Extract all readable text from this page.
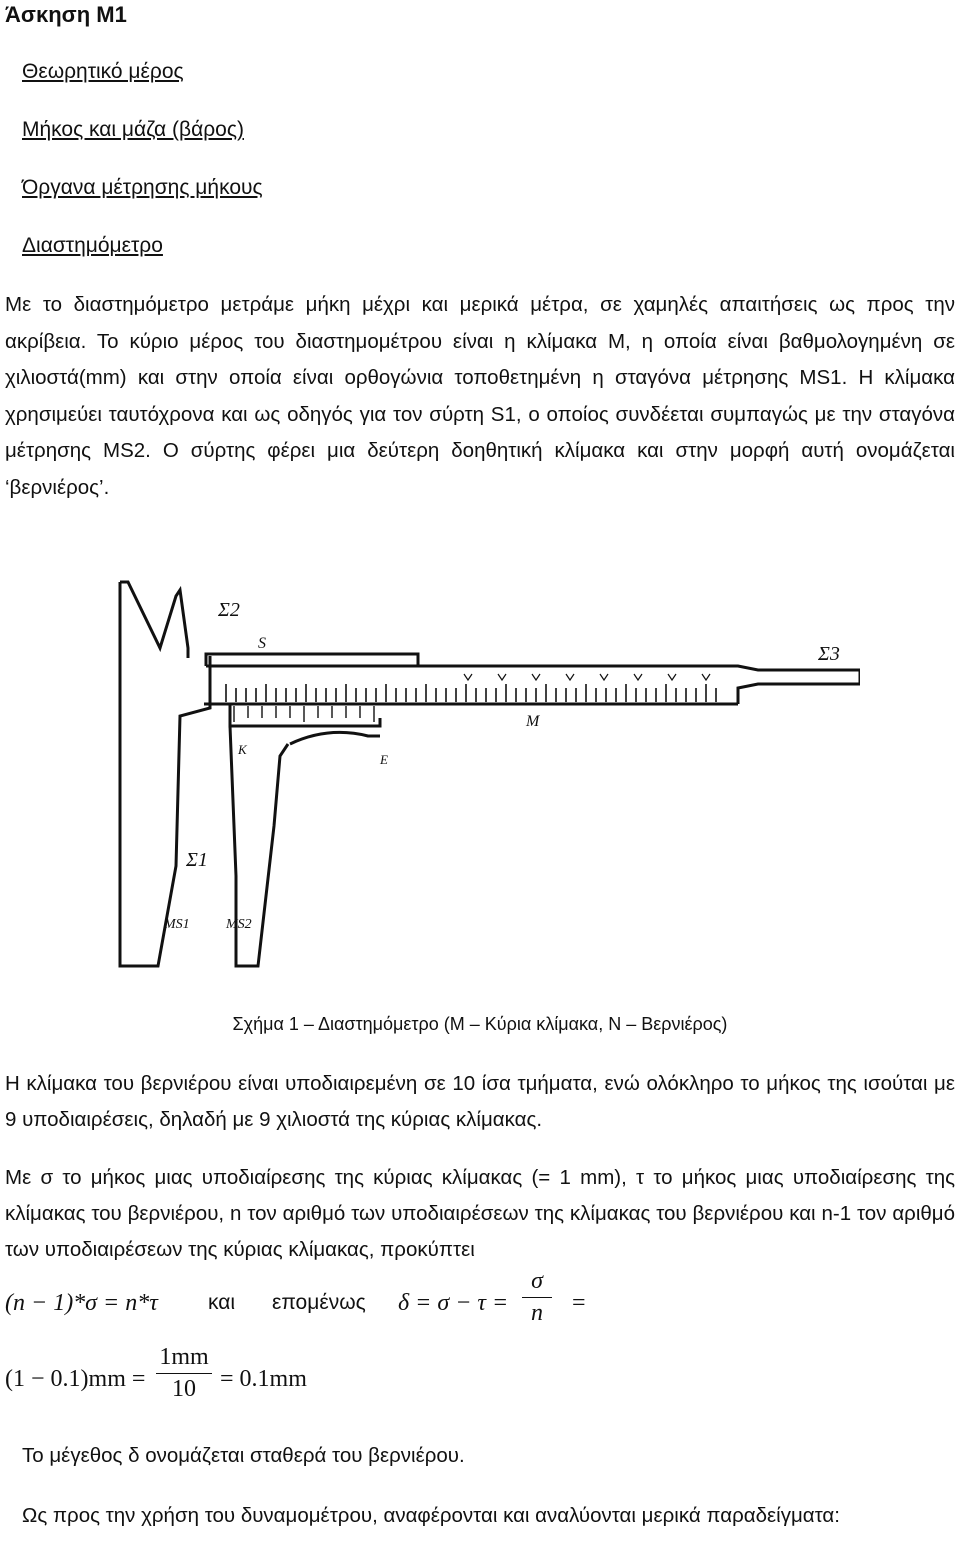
Άσκηση Μ1
Θεωρητικό μέρος
Μήκος και μάζα (βάρος)
Όργανα μέτρησης μήκους
Διαστημόμετρο
Με το διαστημόμετρο μετράμε μήκη μέχρι και μερικά μέτρα, σε χαμηλές απαιτήσεις ως προς την ακρίβεια. Το κύριο μέρος του διαστημομέτρου είναι η κλίμακα Μ, η οποία είναι βαθμολογημένη σε χιλιοστά(mm) και στην οποία είναι ορθογώνια τοποθετημένη η σταγόνα μέτρησης MS1. Η κλίμακα χρησιμεύει ταυτόχρονα και ως οδηγός για τον σύρτη S1, ο οποίος συνδέεται συμπαγώς με την σταγόνα μέτρησης MS2. Ο σύρτης φέρει μια δεύτερη δοηθητική κλίμακα και στην μορφή αυτή ονομάζεται ‘βερνιέρος’.
Σ2
S	Σ3
M
K
E
Σ1
MS1	MS2
Σχήμα 1 – Διαστημόμετρο (Μ – Κύρια κλίμακα, Ν – Βερνιέρος)
Η κλίμακα του βερνιέρου είναι υποδιαιρεμένη σε 10 ίσα τμήματα, ενώ ολόκληρο το μήκος της ισούται με 9 υποδιαιρέσεις, δηλαδή με 9 χιλιοστά της κύριας κλίμακας.
Με σ το μήκος μιας υποδιαίρεσης της κύριας κλίμακας (= 1 mm), τ το μήκος μιας υποδιαίρεσης της κλίμακας του βερνιέρου, n τον αριθμό των υποδιαιρέσεων της κλίμακας του βερνιέρου και n-1 τον αριθμό των υποδιαιρέσεων της κύριας κλίμακας, προκύπτει
(n − 1)*σ = n*τ και επομένως δ = σ − τ =
σ
n	=
(1 − 0.1)mm =
1mm
10	= 0.1mm
Το μέγεθος δ ονομάζεται σταθερά του βερνιέρου.
Ως προς την χρήση του δυναμομέτρου, αναφέρονται και αναλύονται μερικά παραδείγματα:
